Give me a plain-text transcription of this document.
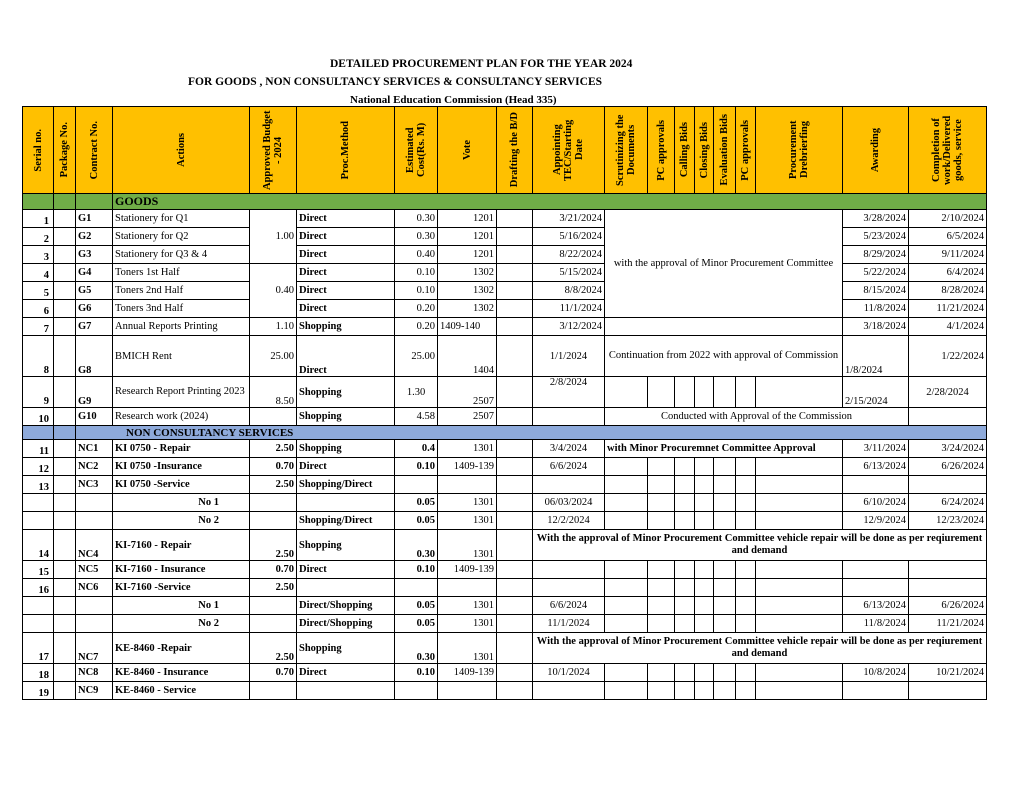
DETAILED PROCUREMENT PLAN FOR THE YEAR 2024
FOR GOODS , NON CONSULTANCY SERVICES & CONSULTANCY SERVICES
National Education Commission (Head 335)
Serial no.	Package No.	Contract No.	Actions	Approved Budget - 2024	Proc.Method	Estimated Cost(Rs. M)	Vote	Drafting the B/D	Appointing TEC/Starting Date	Scrutinizing the Documents	PC approvals	Calling Bids	Closing Bids	Evaluation Bids	PC approvals	Procurement Drebrierfing	Awarding	Completion of work/Delivered goods, service

			GOODS															
1		G1	Stationery for Q1	1.00	Direct	0.30	1201		3/21/2024	with the approval of Minor Procurement Committee							3/28/2024	2/10/2024
2		G2	Stationery for Q2		Direct	0.30	1201		5/16/2024								5/23/2024	6/5/2024
3		G3	Stationery for Q3 & 4		Direct	0.40	1201		8/22/2024								8/29/2024	9/11/2024
4		G4	Toners 1st Half	0.40	Direct	0.10	1302		5/15/2024								5/22/2024	6/4/2024
5		G5	Toners 2nd Half		Direct	0.10	1302		8/8/2024								8/15/2024	8/28/2024
6		G6	Toners 3nd Half		Direct	0.20	1302		11/1/2024								11/8/2024	11/21/2024
7		G7	Annual Reports Printing	1.10	Shopping	0.20	1409-140		3/12/2024								3/18/2024	4/1/2024
8		G8	BMICH Rent	25.00	Direct	25.00	1404		1/1/2024	Continuation from 2022 with approval of Commission							1/8/2024	1/22/2024
9		G9	Research Report Printing 2023	8.50	Shopping	1.30	2507		2/8/2024								2/15/2024	2/28/2024
10		G10	Research work (2024)		Shopping	4.58	2507			Conducted with Approval of the Commission								
		NON CONSULTANCY SERVICES																
11		NC1	KI 0750 - Repair	2.50	Shopping	0.4	1301		3/4/2024	with Minor Procuremnet Committee Approval							3/11/2024	3/24/2024
12		NC2	KI 0750 -Insurance	0.70	Direct	0.10	1409-139		6/6/2024								6/13/2024	6/26/2024
13		NC3	KI 0750 -Service	2.50	Shopping/Direct													
			No 1			0.05	1301		06/03/2024								6/10/2024	6/24/2024
			No 2		Shopping/Direct	0.05	1301		12/2/2024								12/9/2024	12/23/2024
14		NC4	KI-7160 - Repair	2.50	Shopping	0.30	1301		With the approval of Minor Procurement Committee vehicle repair will be done as per reqiurement and demand									
15		NC5	KI-7160 - Insurance	0.70	Direct	0.10	1409-139											
16		NC6	KI-7160 -Service	2.50														
			No 1		Direct/Shopping	0.05	1301		6/6/2024								6/13/2024	6/26/2024
			No 2		Direct/Shopping	0.05	1301		11/1/2024								11/8/2024	11/21/2024
17		NC7	KE-8460 -Repair	2.50	Shopping	0.30	1301		With the approval of Minor Procurement Committee vehicle repair will be done as per reqiurement and demand									
18		NC8	KE-8460 - Insurance	0.70	Direct	0.10	1409-139		10/1/2024								10/8/2024	10/21/2024
19		NC9	KE-8460 - Service															
